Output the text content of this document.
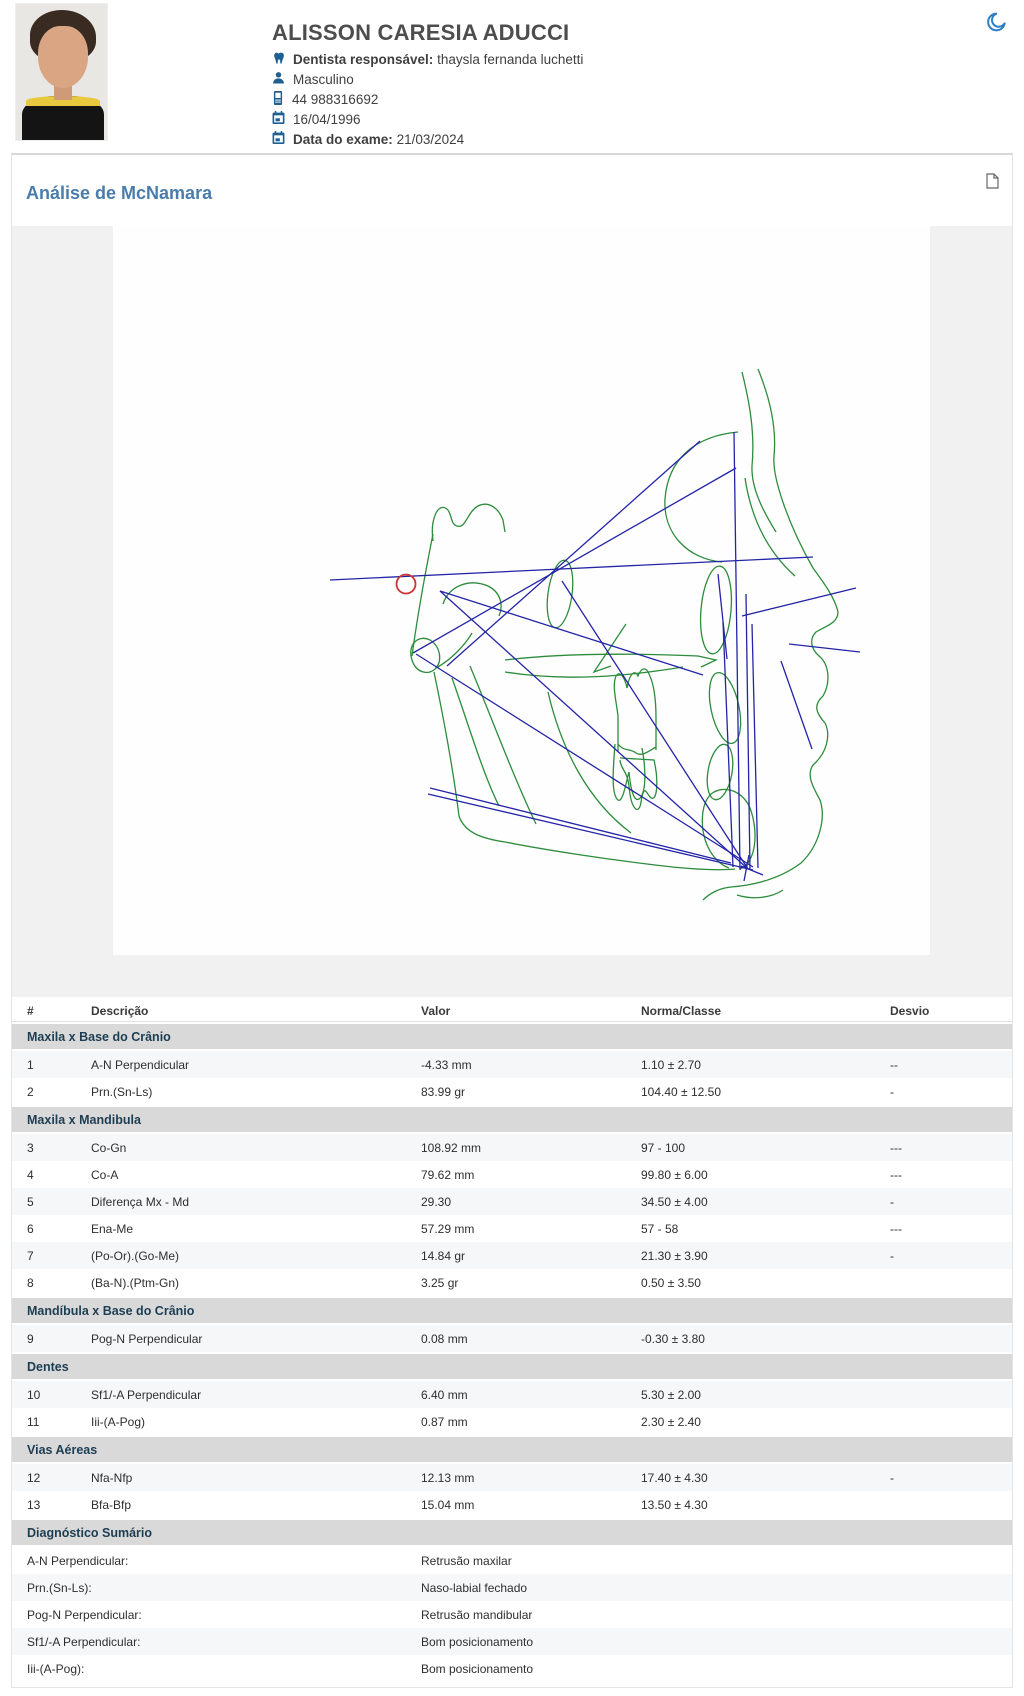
ALISSON CARESIA ADUCCI
Dentista responsável: thaysla fernanda luchetti
Masculino
44 988316692
16/04/1996
Data do exame: 21/03/2024
Análise de McNamara
#	Descrição	Valor	Norma/Classe	Desvio
Maxila x Base do Crânio
1	A-N Perpendicular	-4.33 mm	1.10 ± 2.70	--
2	Prn.(Sn-Ls)	83.99 gr	104.40 ± 12.50	-
Maxila x Mandibula
3	Co-Gn	108.92 mm	97 - 100	---
4	Co-A	79.62 mm	99.80 ± 6.00	---
5	Diferença Mx - Md	29.30	34.50 ± 4.00	-
6	Ena-Me	57.29 mm	57 - 58	---
7	(Po-Or).(Go-Me)	14.84 gr	21.30 ± 3.90	-
8	(Ba-N).(Ptm-Gn)	3.25 gr	0.50 ± 3.50
Mandíbula x Base do Crânio
9	Pog-N Perpendicular	0.08 mm	-0.30 ± 3.80
Dentes
10	Sf1/-A Perpendicular	6.40 mm	5.30 ± 2.00
11	Iii-(A-Pog)	0.87 mm	2.30 ± 2.40
Vias Aéreas
12	Nfa-Nfp	12.13 mm	17.40 ± 4.30	-
13	Bfa-Bfp	15.04 mm	13.50 ± 4.30
Diagnóstico Sumário
A-N Perpendicular:	Retrusão maxilar
Prn.(Sn-Ls):	Naso-labial fechado
Pog-N Perpendicular:	Retrusão mandibular
Sf1/-A Perpendicular:	Bom posicionamento
Iii-(A-Pog):	Bom posicionamento
